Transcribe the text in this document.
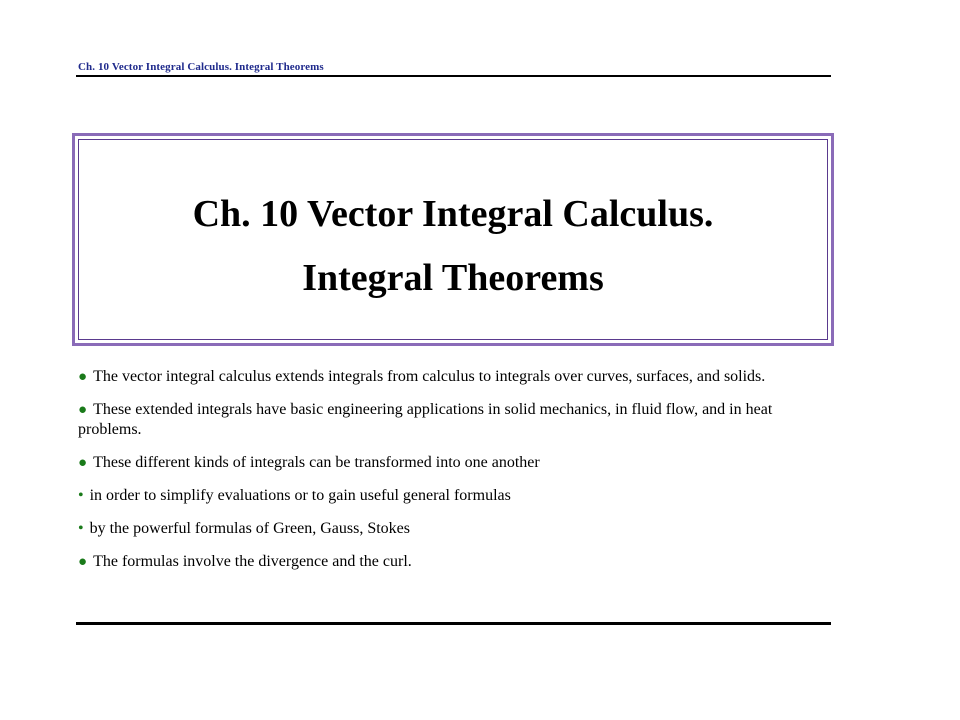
Ch. 10 Vector Integral Calculus. Integral Theorems
Ch. 10 Vector Integral Calculus.
Integral Theorems
● The vector integral calculus extends integrals from calculus to integrals over curves, surfaces, and solids.
● These extended integrals have basic engineering applications in solid mechanics, in fluid flow, and in heat problems.
● These different kinds of integrals can be transformed into one another
• in order to simplify evaluations or to gain useful general formulas
• by the powerful formulas of Green, Gauss, Stokes
● The formulas involve the divergence and the curl.
